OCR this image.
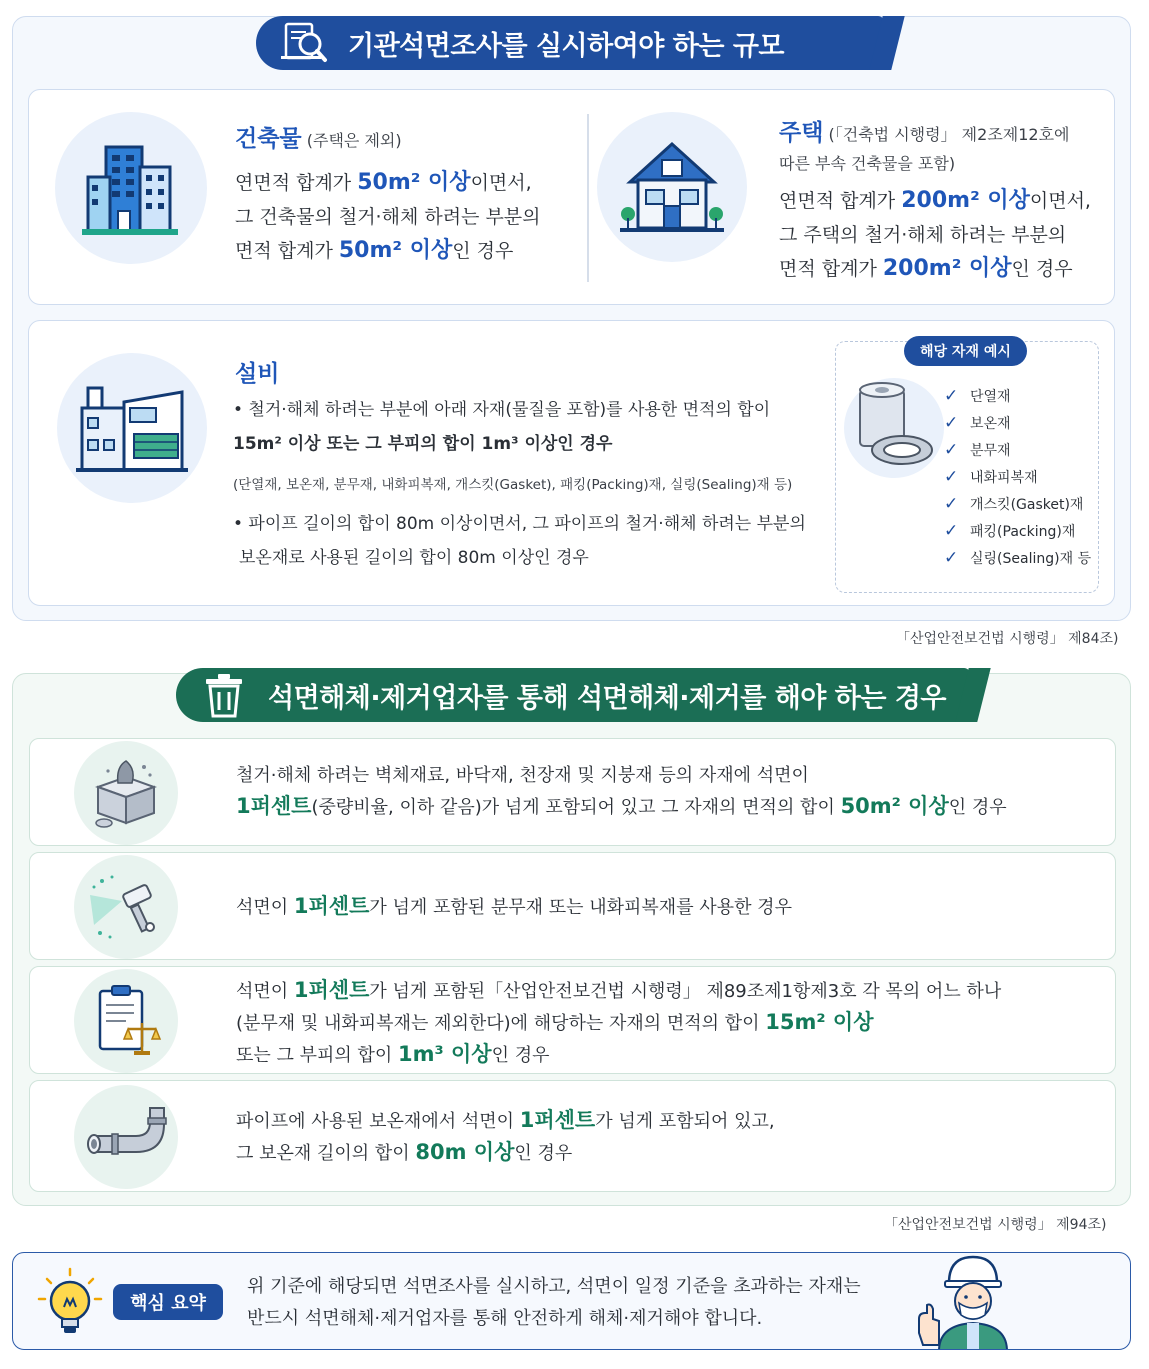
기관석면조사를 실시하여야 하는 규모
건축물 (주택은 제외)
연면적 합계가 50m² 이상이면서,
그 건축물의 철거·해체 하려는 부분의
면적 합계가 50m² 이상인 경우
주택 (「건축법 시행령」 제2조제12호에
따른 부속 건축물을 포함)
연면적 합계가 200m² 이상이면서,
그 주택의 철거·해체 하려는 부분의
면적 합계가 200m² 이상인 경우
설비
• 철거·해체 하려는 부분에 아래 자재(물질을 포함)를 사용한 면적의 합이
15m² 이상 또는 그 부피의 합이 1m³ 이상인 경우
(단열재, 보온재, 분무재, 내화피복재, 개스킷(Gasket), 패킹(Packing)재, 실링(Sealing)재 등)
• 파이프 길이의 합이 80m 이상이면서, 그 파이프의 철거·해체 하려는 부분의
보온재로 사용된 길이의 합이 80m 이상인 경우
해당 자재 예시
✓ 단열재
✓ 보온재
✓ 분무재
✓ 내화피복재
✓ 개스킷(Gasket)재
✓ 패킹(Packing)재
✓ 실링(Sealing)재 등
「산업안전보건법 시행령」 제84조)
철거·해체 하려는 벽체재료, 바닥재, 천장재 및 지붕재 등의 자재에 석면이
1퍼센트(중량비율, 이하 같음)가 넘게 포함되어 있고 그 자재의 면적의 합이 50m² 이상인 경우
석면이 1퍼센트가 넘게 포함된 분무재 또는 내화피복재를 사용한 경우
석면이 1퍼센트가 넘게 포함된「산업안전보건법 시행령」 제89조제1항제3호 각 목의 어느 하나
(분무재 및 내화피복재는 제외한다)에 해당하는 자재의 면적의 합이 15m² 이상
또는 그 부피의 합이 1m³ 이상인 경우
파이프에 사용된 보온재에서 석면이 1퍼센트가 넘게 포함되어 있고,
그 보온재 길이의 합이 80m 이상인 경우
석면해체·제거업자를 통해 석면해체·제거를 해야 하는 경우
「산업안전보건법 시행령」 제94조)
핵심 요약
위 기준에 해당되면 석면조사를 실시하고, 석면이 일정 기준을 초과하는 자재는
반드시 석면해체·제거업자를 통해 안전하게 해체·제거해야 합니다.
